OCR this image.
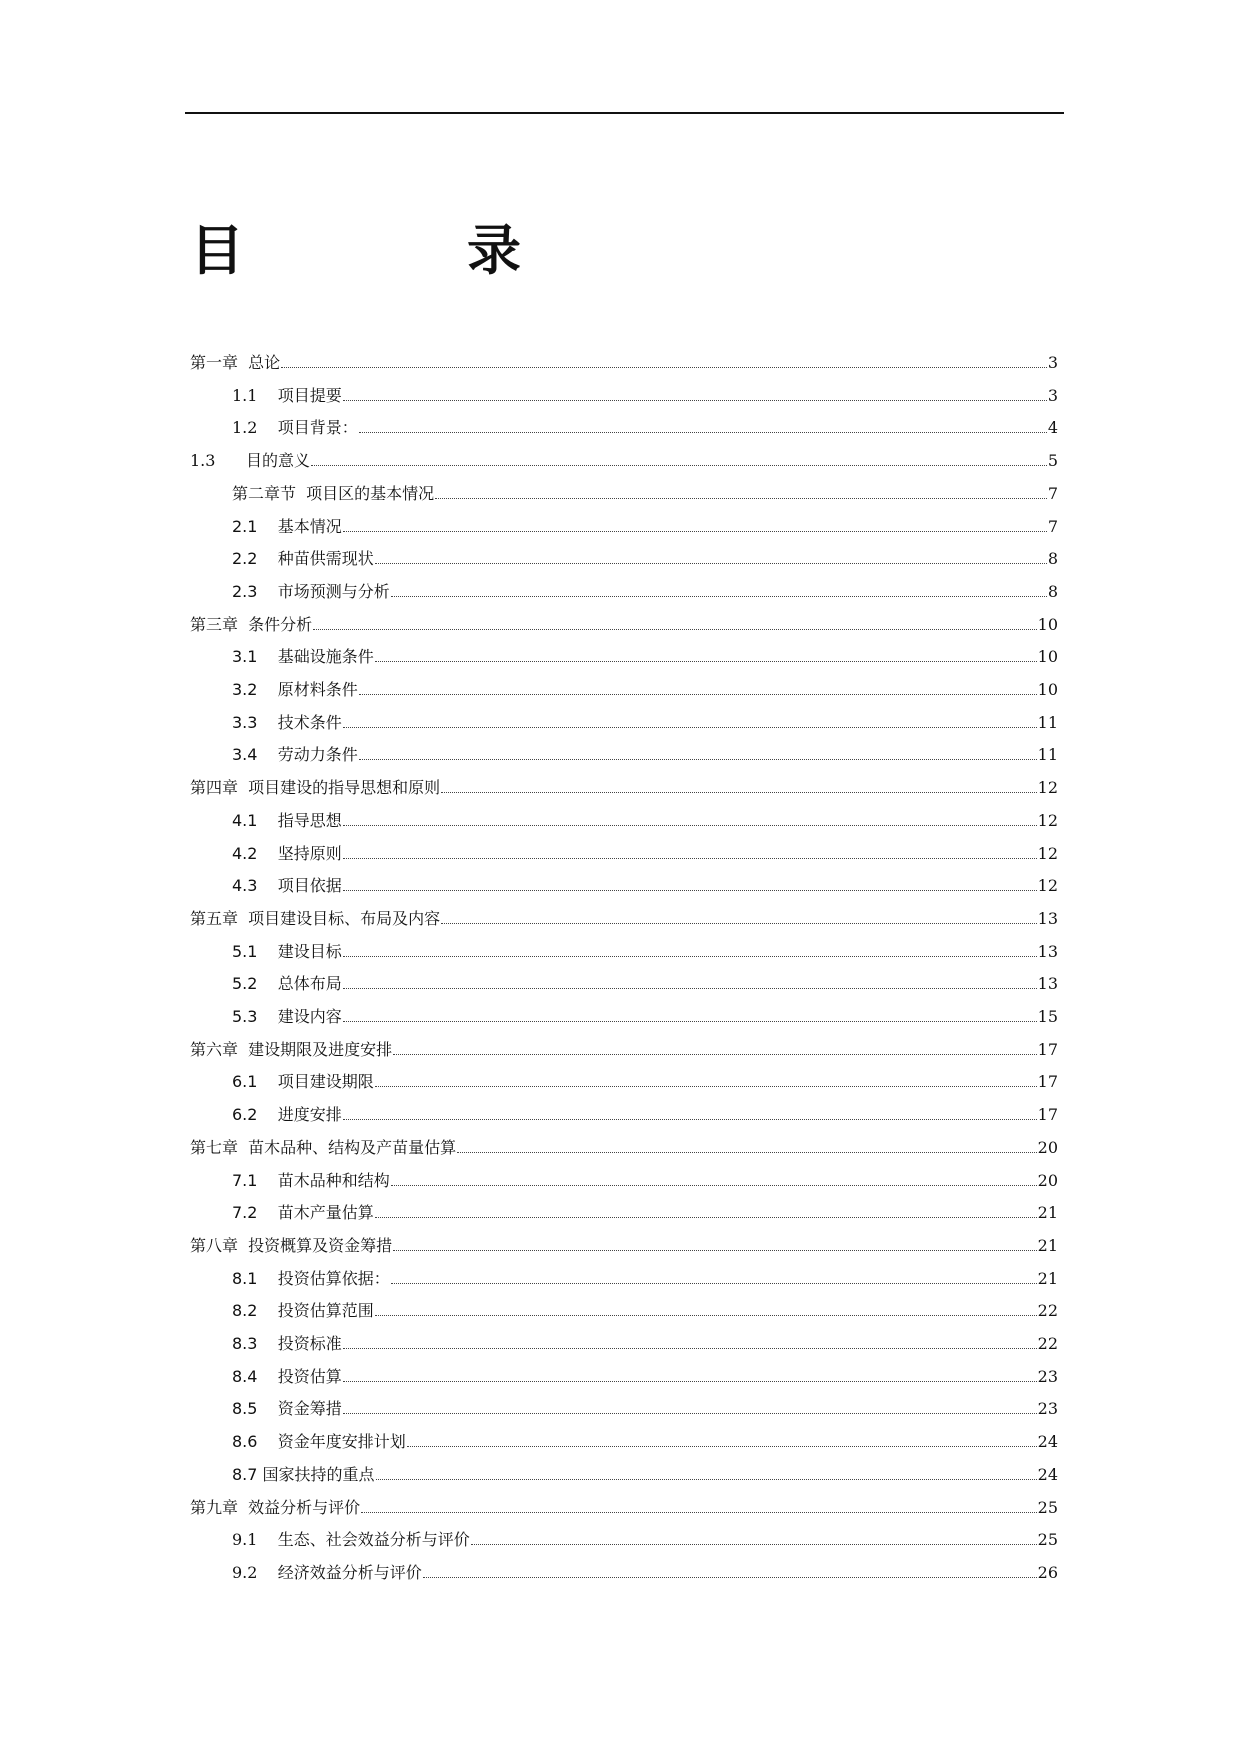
目	录
第一章  总论	3
1.1    项目提要	3
1.2    项目背景：	4
1.3      目的意义	5
第二章节  项目区的基本情况	7
2.1    基本情况	7
2.2    种苗供需现状	8
2.3    市场预测与分析	8
第三章  条件分析	10
3.1    基础设施条件	10
3.2    原材料条件	10
3.3    技术条件	11
3.4    劳动力条件	11
第四章  项目建设的指导思想和原则	12
4.1    指导思想	12
4.2    坚持原则	12
4.3    项目依据	12
第五章  项目建设目标、布局及内容	13
5.1    建设目标	13
5.2    总体布局	13
5.3    建设内容	15
第六章  建设期限及进度安排	17
6.1    项目建设期限	17
6.2    进度安排	17
第七章  苗木品种、结构及产苗量估算	20
7.1    苗木品种和结构	20
7.2    苗木产量估算	21
第八章  投资概算及资金筹措	21
8.1    投资估算依据：	21
8.2    投资估算范围	22
8.3    投资标准	22
8.4    投资估算	23
8.5    资金筹措	23
8.6    资金年度安排计划	24
8.7 国家扶持的重点	24
第九章  效益分析与评价	25
9.1    生态、社会效益分析与评价	25
9.2    经济效益分析与评价	26
